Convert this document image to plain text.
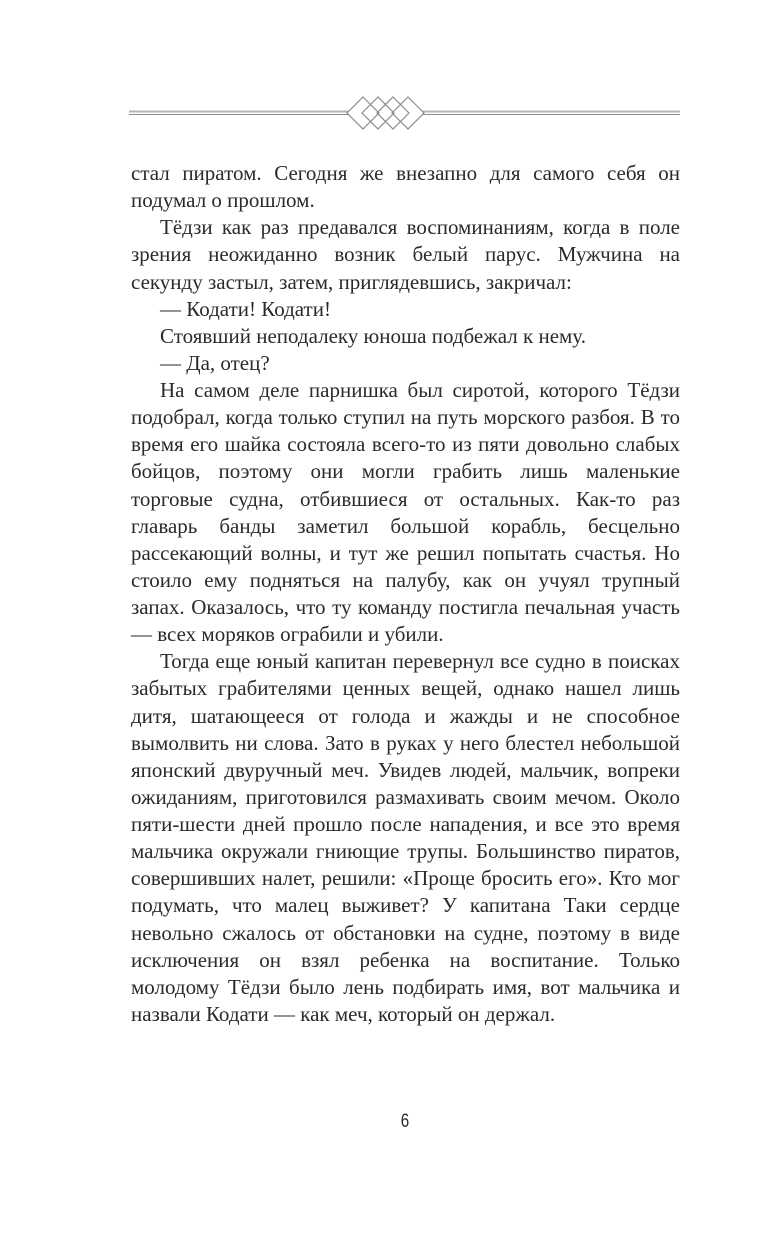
стал пиратом. Сегодня же внезапно для самого себя он подумал о прошлом.

Тёдзи как раз предавался воспоминаниям, когда в поле зрения неожиданно возник белый парус. Мужчина на секунду застыл, затем, приглядевшись, закричал:

— Кодати! Кодати!

Стоявший неподалеку юноша подбежал к нему.

— Да, отец?

На самом деле парнишка был сиротой, которого Тёдзи подобрал, когда только ступил на путь морского разбоя. В то время его шайка состояла всего-то из пяти довольно слабых бойцов, поэтому они могли грабить лишь маленькие торговые судна, отбившиеся от остальных. Как-то раз главарь банды заметил большой корабль, бесцельно рассекающий волны, и тут же решил попытать счастья. Но стоило ему подняться на палубу, как он учуял трупный запах. Оказалось, что ту команду постигла печальная участь — всех моряков ограбили и убили.

Тогда еще юный капитан перевернул все судно в поисках забытых грабителями ценных вещей, однако нашел лишь дитя, шатающееся от голода и жажды и не способное вымолвить ни слова. Зато в руках у него блестел небольшой японский двуручный меч. Увидев людей, мальчик, вопреки ожиданиям, приготовился размахивать своим мечом. Около пяти-шести дней прошло после нападения, и все это время мальчика окружали гниющие трупы. Большинство пиратов, совершивших налет, решили: «Проще бросить его». Кто мог подумать, что малец выживет? У капитана Таки сердце невольно сжалось от обстановки на судне, поэтому в виде исключения он взял ребенка на воспитание. Только молодому Тёдзи было лень подбирать имя, вот мальчика и назвали Кодати — как меч, который он держал.

6
